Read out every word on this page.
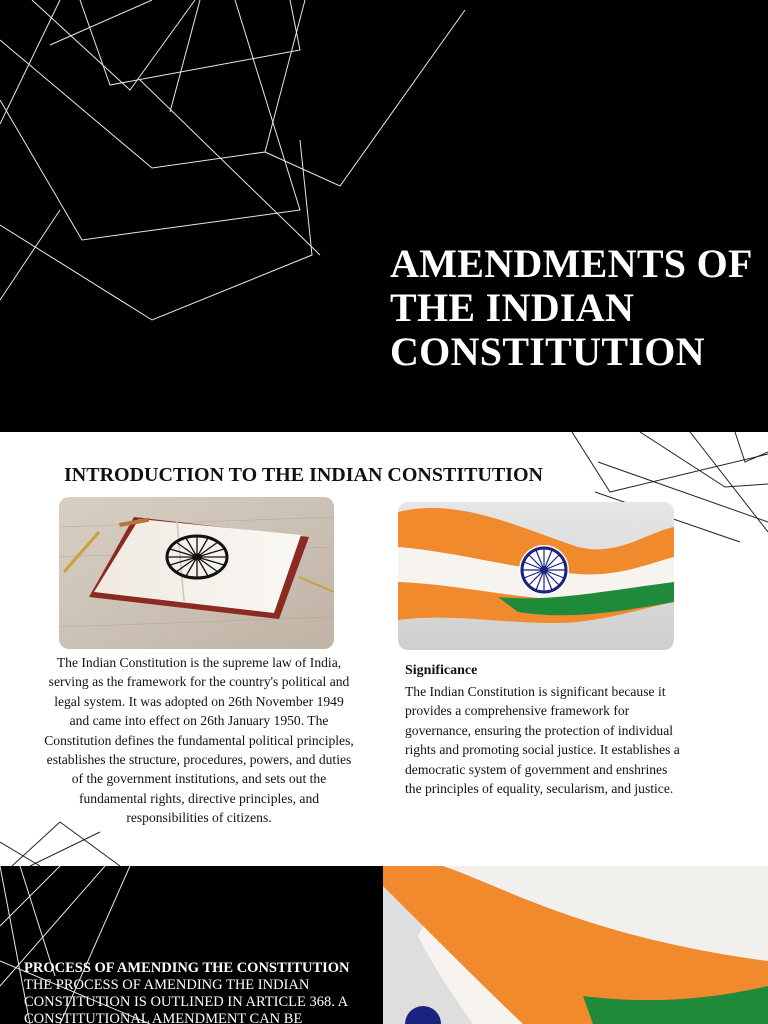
AMENDMENTS OF THE INDIAN CONSTITUTION
INTRODUCTION TO THE INDIAN CONSTITUTION

The Indian Constitution is the supreme law of India, serving as the framework for the country's political and legal system. It was adopted on 26th November 1949 and came into effect on 26th January 1950. The Constitution defines the fundamental political principles, establishes the structure, procedures, powers, and duties of the government institutions, and sets out the fundamental rights, directive principles, and responsibilities of citizens.

Significance

The Indian Constitution is significant because it provides a comprehensive framework for governance, ensuring the protection of individual rights and promoting social justice. It establishes a democratic system of government and enshrines the principles of equality, secularism, and justice.

PROCESS OF AMENDING THE CONSTITUTION

THE PROCESS OF AMENDING THE INDIAN CONSTITUTION IS OUTLINED IN ARTICLE 368. A CONSTITUTIONAL AMENDMENT CAN BE
